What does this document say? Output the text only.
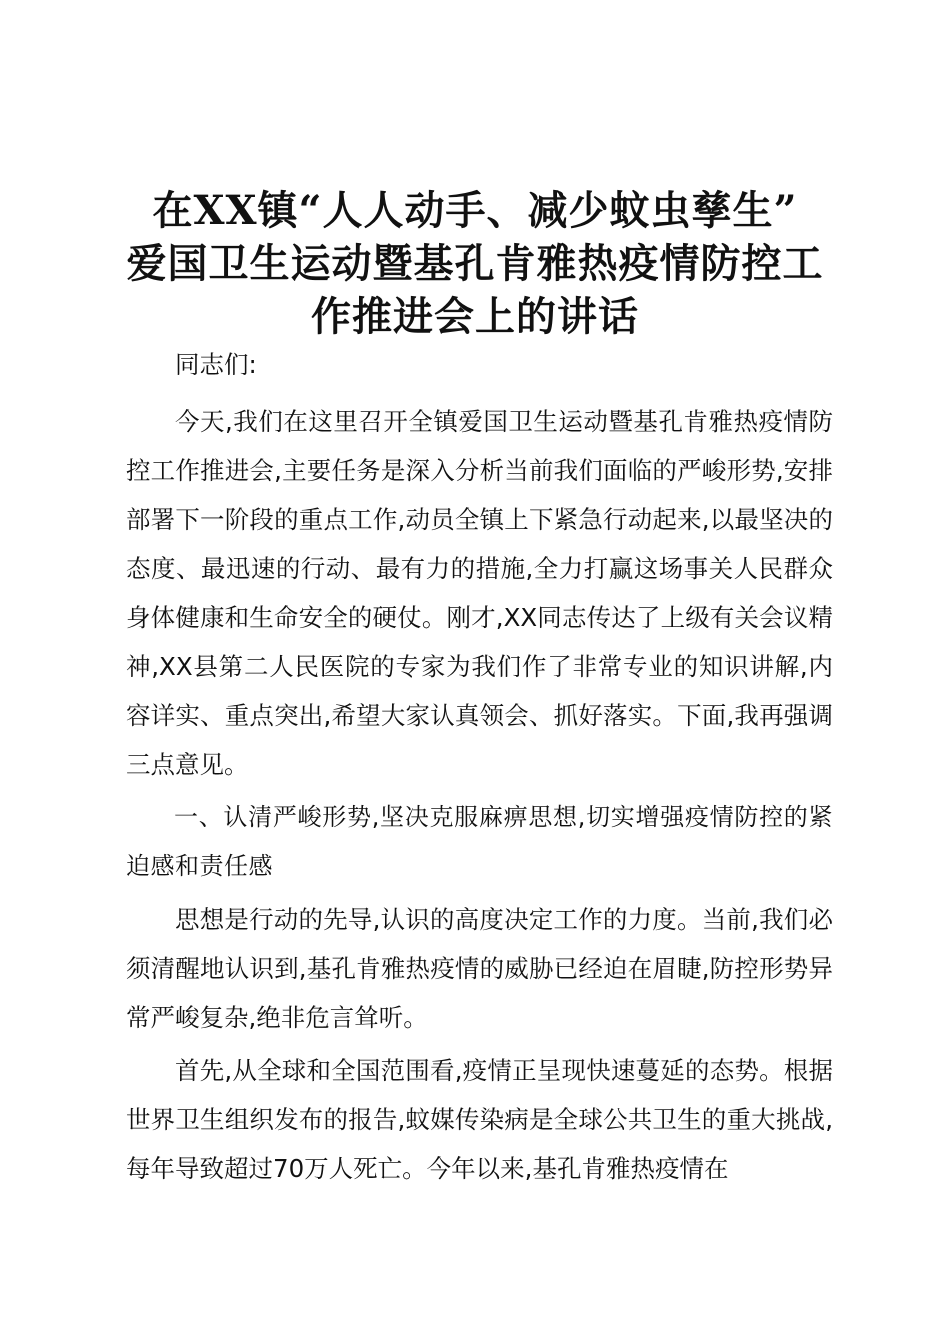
在XX镇“人人动手、减少蚊虫孳生”
爱国卫生运动暨基孔肯雅热疫情防控工
作推进会上的讲话

同志们:

今天,我们在这里召开全镇爱国卫生运动暨基孔肯雅热疫情防控工作推进会,主要任务是深入分析当前我们面临的严峻形势,安排部署下一阶段的重点工作,动员全镇上下紧急行动起来,以最坚决的态度、最迅速的行动、最有力的措施,全力打赢这场事关人民群众身体健康和生命安全的硬仗。刚才,XX同志传达了上级有关会议精神,XX县第二人民医院的专家为我们作了非常专业的知识讲解,内容详实、重点突出,希望大家认真领会、抓好落实。下面,我再强调三点意见。

一、认清严峻形势,坚决克服麻痹思想,切实增强疫情防控的紧迫感和责任感

思想是行动的先导,认识的高度决定工作的力度。当前,我们必须清醒地认识到,基孔肯雅热疫情的威胁已经迫在眉睫,防控形势异常严峻复杂,绝非危言耸听。

首先,从全球和全国范围看,疫情正呈现快速蔓延的态势。根据世界卫生组织发布的报告,蚊媒传染病是全球公共卫生的重大挑战,每年导致超过70万人死亡。今年以来,基孔肯雅热疫情在
